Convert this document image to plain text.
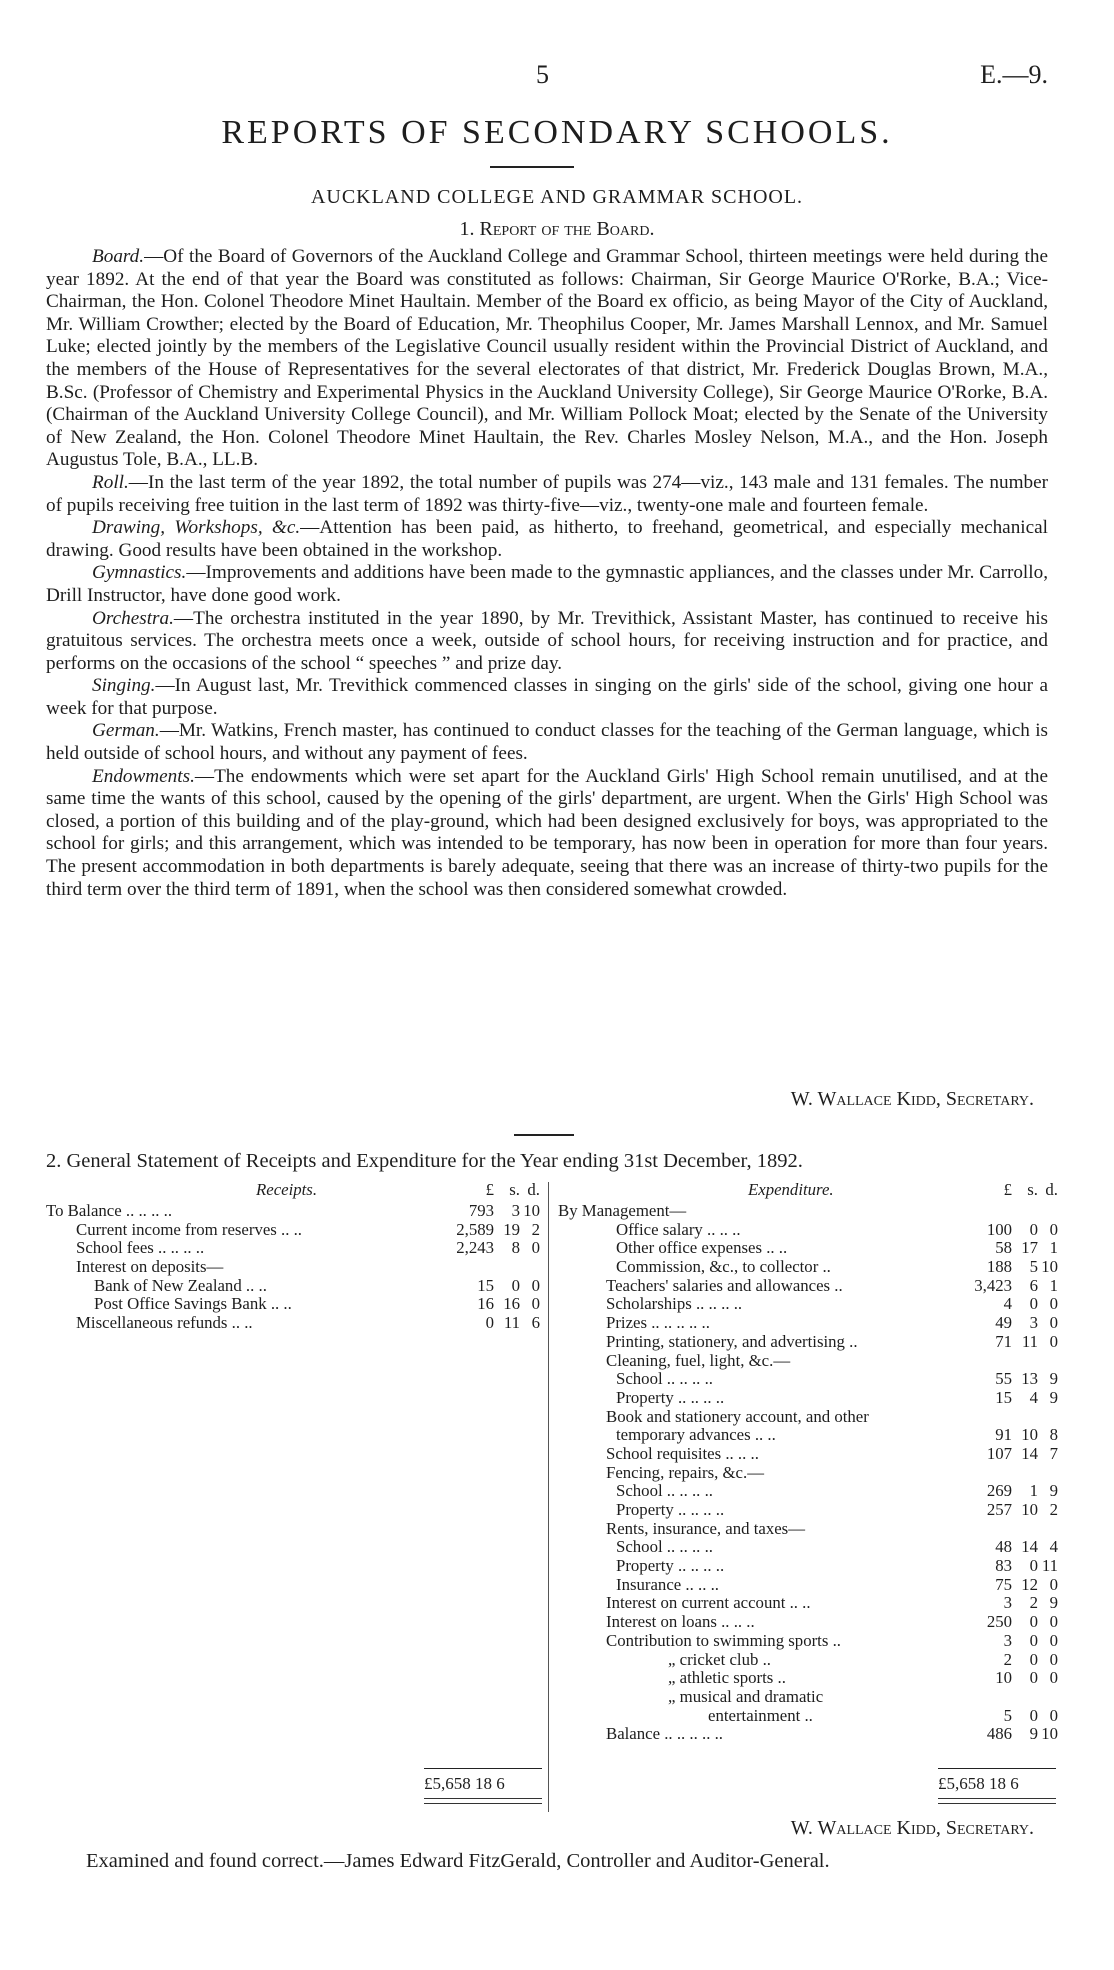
5	E.—9.
REPORTS OF SECONDARY SCHOOLS.
AUCKLAND COLLEGE AND GRAMMAR SCHOOL.
1. Report of the Board.

Board.—Of the Board of Governors of the Auckland College and Grammar School, thirteen meetings were held during the year 1892. At the end of that year the Board was constituted as follows: Chairman, Sir George Maurice O'Rorke, B.A.; Vice-Chairman, the Hon. Colonel Theodore Minet Haultain. Member of the Board ex officio, as being Mayor of the City of Auckland, Mr. William Crowther; elected by the Board of Education, Mr. Theophilus Cooper, Mr. James Marshall Lennox, and Mr. Samuel Luke; elected jointly by the members of the Legislative Council usually resident within the Provincial District of Auckland, and the members of the House of Representatives for the several electorates of that district, Mr. Frederick Douglas Brown, M.A., B.Sc. (Professor of Chemistry and Experimental Physics in the Auckland University College), Sir George Maurice O'Rorke, B.A. (Chairman of the Auckland University College Council), and Mr. William Pollock Moat; elected by the Senate of the University of New Zealand, the Hon. Colonel Theodore Minet Haultain, the Rev. Charles Mosley Nelson, M.A., and the Hon. Joseph Augustus Tole, B.A., LL.B.

Roll.—In the last term of the year 1892, the total number of pupils was 274—viz., 143 male and 131 females. The number of pupils receiving free tuition in the last term of 1892 was thirty-five—viz., twenty-one male and fourteen female.

Drawing, Workshops, &c.—Attention has been paid, as hitherto, to freehand, geometrical, and especially mechanical drawing. Good results have been obtained in the workshop.

Gymnastics.—Improvements and additions have been made to the gymnastic appliances, and the classes under Mr. Carrollo, Drill Instructor, have done good work.

Orchestra.—The orchestra instituted in the year 1890, by Mr. Trevithick, Assistant Master, has continued to receive his gratuitous services. The orchestra meets once a week, outside of school hours, for receiving instruction and for practice, and performs on the occasions of the school “ speeches ” and prize day.

Singing.—In August last, Mr. Trevithick commenced classes in singing on the girls' side of the school, giving one hour a week for that purpose.

German.—Mr. Watkins, French master, has continued to conduct classes for the teaching of the German language, which is held outside of school hours, and without any payment of fees.

Endowments.—The endowments which were set apart for the Auckland Girls' High School remain unutilised, and at the same time the wants of this school, caused by the opening of the girls' department, are urgent. When the Girls' High School was closed, a portion of this building and of the play-ground, which had been designed exclusively for boys, was appropriated to the school for girls; and this arrangement, which was intended to be temporary, has now been in operation for more than four years. The present accommodation in both departments is barely adequate, seeing that there was an increase of thirty-two pupils for the third term over the third term of 1891, when the school was then considered somewhat crowded.

W. Wallace Kidd, Secretary.
2. General Statement of Receipts and Expenditure for the Year ending 31st December, 1892.
Receipts.	£ s. d.
To Balance .. .. .. ..	793 3 10
Current income from reserves .. ..	2,589 19 2
School fees .. .. .. ..	2,243 8 0
Interest on deposits—
Bank of New Zealand .. ..	15 0 0
Post Office Savings Bank .. ..	16 16 0
Miscellaneous refunds .. ..	0 11 6
Expenditure.	£ s. d.
By Management—
Office salary .. .. ..	100 0 0
Other office expenses .. ..	58 17 1
Commission, &c., to collector ..	188 5 10
Teachers' salaries and allowances ..	3,423 6 1
Scholarships .. .. .. ..	4 0 0
Prizes .. .. .. .. ..	49 3 0
Printing, stationery, and advertising ..	71 11 0
Cleaning, fuel, light, &c.—
School .. .. .. ..	55 13 9
Property .. .. .. ..	15 4 9
Book and stationery account, and other
temporary advances .. ..	91 10 8
School requisites .. .. ..	107 14 7
Fencing, repairs, &c.—
School .. .. .. ..	269 1 9
Property .. .. .. ..	257 10 2
Rents, insurance, and taxes—
School .. .. .. ..	48 14 4
Property .. .. .. ..	83 0 11
Insurance .. .. ..	75 12 0
Interest on current account .. ..	3 2 9
Interest on loans .. .. ..	250 0 0
Contribution to swimming sports ..	3 0 0
„ cricket club ..	2 0 0
„ athletic sports ..	10 0 0
„ musical and dramatic
entertainment ..	5 0 0
Balance .. .. .. .. ..	486 9 10
£5,658 18 6	£5,658 18 6
W. Wallace Kidd, Secretary.
Examined and found correct.—James Edward FitzGerald, Controller and Auditor-General.
